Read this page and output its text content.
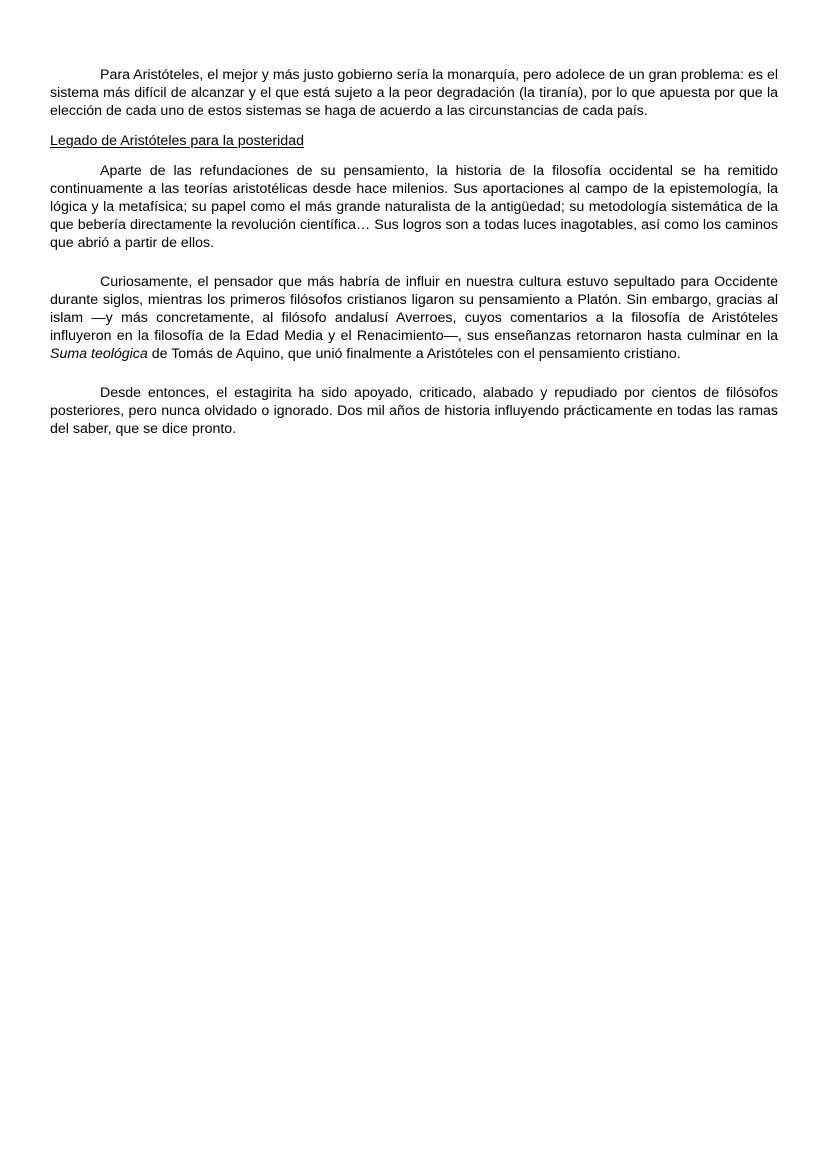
Para Aristóteles, el mejor y más justo gobierno sería la monarquía, pero adolece de un gran problema: es el sistema más difícil de alcanzar y el que está sujeto a la peor degradación (la tiranía), por lo que apuesta por que la elección de cada uno de estos sistemas se haga de acuerdo a las circunstancias de cada país.

Legado de Aristóteles para la posteridad

Aparte de las refundaciones de su pensamiento, la historia de la filosofía occidental se ha remitido continuamente a las teorías aristotélicas desde hace milenios. Sus aportaciones al campo de la epistemología, la lógica y la metafísica; su papel como el más grande naturalista de la antigüedad; su metodología sistemática de la que bebería directamente la revolución científica… Sus logros son a todas luces inagotables, así como los caminos que abrió a partir de ellos.

Curiosamente, el pensador que más habría de influir en nuestra cultura estuvo sepultado para Occidente durante siglos, mientras los primeros filósofos cristianos ligaron su pensamiento a Platón. Sin embargo, gracias al islam —y más concretamente, al filósofo andalusí Averroes, cuyos comentarios a la filosofía de Aristóteles influyeron en la filosofía de la Edad Media y el Renacimiento—, sus enseñanzas retornaron hasta culminar en la Suma teológica de Tomás de Aquino, que unió finalmente a Aristóteles con el pensamiento cristiano.

Desde entonces, el estagirita ha sido apoyado, criticado, alabado y repudiado por cientos de filósofos posteriores, pero nunca olvidado o ignorado. Dos mil años de historia influyendo prácticamente en todas las ramas del saber, que se dice pronto.
